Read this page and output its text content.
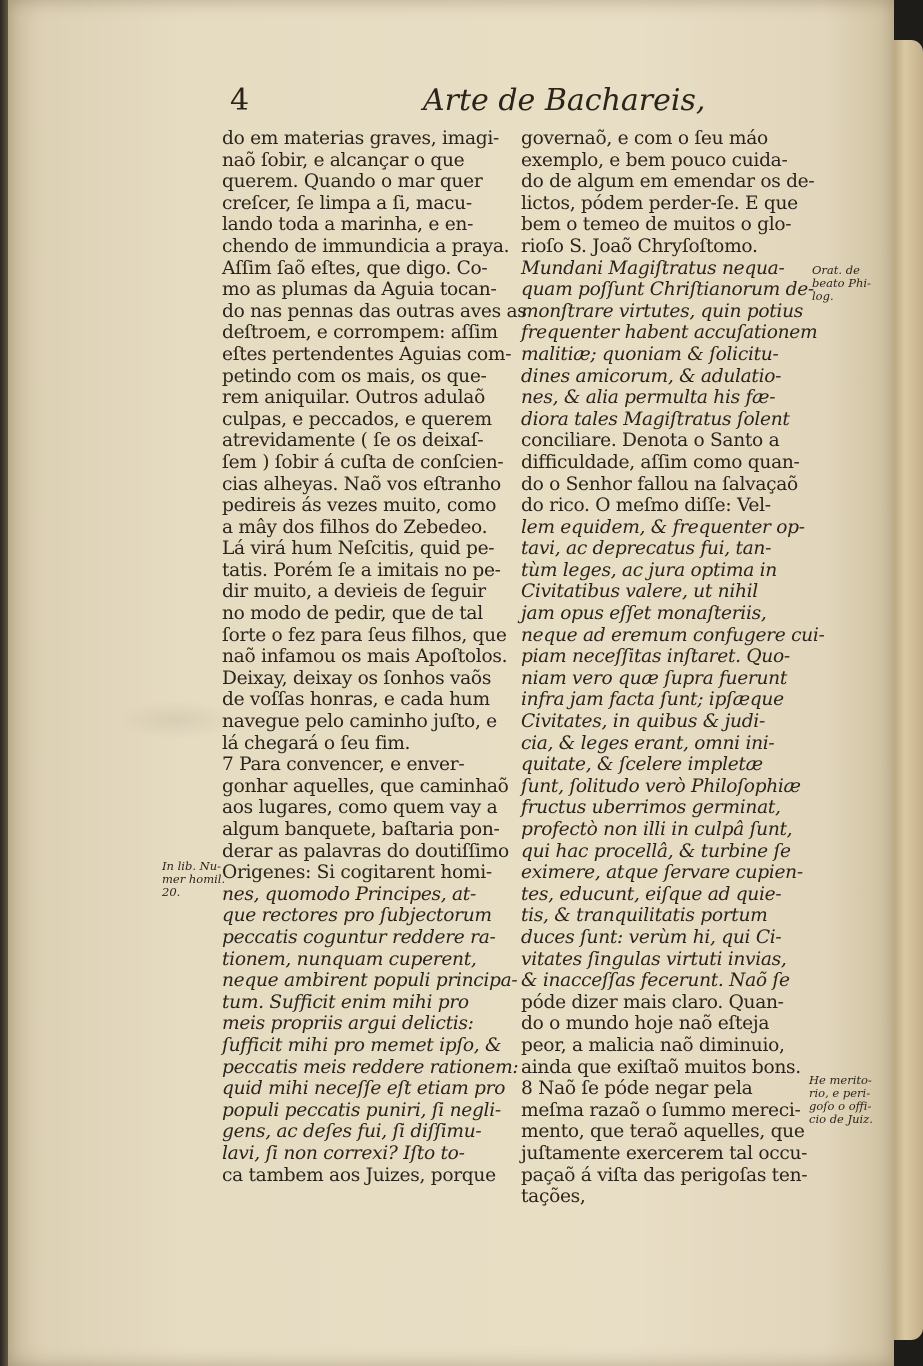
4	Arte de Bachareis,
do em materias graves, imagi-
naõ ſobir, e alcançar o que
querem. Quando o mar quer
creſcer, ſe limpa a ſi, macu-
lando toda a marinha, e en-
chendo de immundicia a praya.
Aſſim ſaõ eſtes, que digo. Co-
mo as plumas da Aguia tocan-
do nas pennas das outras aves as
deſtroem, e corrompem: aſſim
eſtes pertendentes Aguias com-
petindo com os mais, os que-
rem aniquilar. Outros adulaõ
culpas, e peccados, e querem
atrevidamente ( ſe os deixaſ-
ſem ) ſobir á cuſta de conſcien-
cias alheyas. Naõ vos eſtranho
pedireis ás vezes muito, como
a mây dos filhos do Zebedeo.
Lá virá hum Neſcitis, quid pe-
tatis. Porém ſe a imitais no pe-
dir muito, a devieis de ſeguir
no modo de pedir, que de tal
ſorte o fez para ſeus filhos, que
naõ infamou os mais Apoſtolos.
Deixay, deixay os ſonhos vaõs
de voſſas honras, e cada hum
navegue pelo caminho juſto, e
lá chegará o ſeu fim.
7 Para convencer, e enver-
gonhar aquelles, que caminhaõ
aos lugares, como quem vay a
algum banquete, baſtaria pon-
derar as palavras do doutiſſimo
Origenes: Si cogitarent homi-
nes, quomodo Principes, at-
que rectores pro ſubjectorum
peccatis coguntur reddere ra-
tionem, nunquam cuperent,
neque ambirent populi principa-
tum. Sufficit enim mihi pro
meis propriis argui delictis:
ſufficit mihi pro memet ipſo, &
peccatis meis reddere rationem:
quid mihi neceſſe eſt etiam pro
populi peccatis puniri, ſi negli-
gens, ac deſes fui, ſi diſſimu-
lavi, ſi non correxi? Iſto to-
ca tambem aos Juizes, porque
governaõ, e com o ſeu máo
exemplo, e bem pouco cuida-
do de algum em emendar os de-
lictos, pódem perder-ſe. E que
bem o temeo de muitos o glo-
rioſo S. Joaõ Chryſoſtomo.
Mundani Magiſtratus nequa-
quam poſſunt Chriſtianorum de-
monſtrare virtutes, quin potius
frequenter habent accuſationem
malitiæ; quoniam & ſolicitu-
dines amicorum, & adulatio-
nes, & alia permulta his fæ-
diora tales Magiſtratus ſolent
conciliare. Denota o Santo a
difficuldade, aſſim como quan-
do o Senhor fallou na ſalvaçaõ
do rico. O meſmo diſſe: Vel-
lem equidem, & frequenter op-
tavi, ac deprecatus fui, tan-
tùm leges, ac jura optima in
Civitatibus valere, ut nihil
jam opus eſſet monaſteriis,
neque ad eremum confugere cui-
piam neceſſitas inſtaret. Quo-
niam vero quæ ſupra fuerunt
infra jam facta ſunt; ipſæque
Civitates, in quibus & judi-
cia, & leges erant, omni ini-
quitate, & ſcelere impletæ
ſunt, ſolitudo verò Philoſophiæ
fructus uberrimos germinat,
profectò non illi in culpâ ſunt,
qui hac procellâ, & turbine ſe
eximere, atque ſervare cupien-
tes, educunt, eiſque ad quie-
tis, & tranquilitatis portum
duces ſunt: verùm hi, qui Ci-
vitates ſingulas virtuti invias,
& inacceſſas fecerunt. Naõ ſe
póde dizer mais claro. Quan-
do o mundo hoje naõ eſteja
peor, a malicia naõ diminuio,
ainda que exiſtaõ muitos bons.
8 Naõ ſe póde negar pela
meſma razaõ o ſummo mereci-
mento, que teraõ aquelles, que
juſtamente exercerem tal occu-
paçaõ á viſta das perigoſas ten-
tações,
In lib. Nu-
mer homil.
20.
Orat. de
beato Phi-
log.
He merito-
rio, e peri-
goſo o offi-
cio de Juiz.
